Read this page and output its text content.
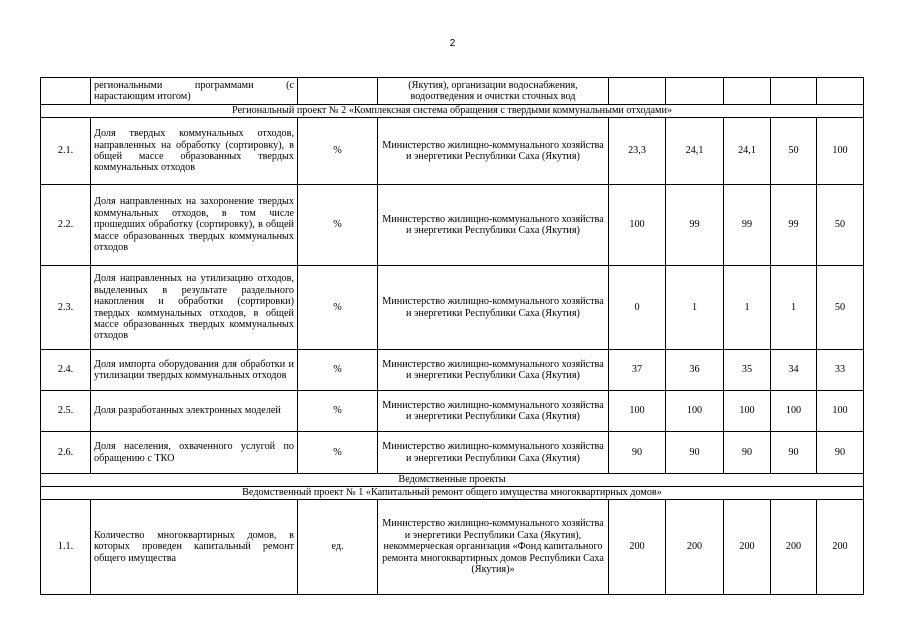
2
	региональными программами (с нарастающим итогом)		(Якутия), организации водоснабжения, водоотведения и очистки сточных вод					
Региональный проект № 2 «Комплексная система обращения с твердыми коммунальными отходами»								
2.1.	Доля твердых коммунальных отходов, направленных на обработку (сортировку), в общей массе образованных твердых коммунальных отходов	%	Министерство жилищно-коммунального хозяйства и энергетики Республики Саха (Якутия)	23,3	24,1	24,1	50	100
2.2.	Доля направленных на захоронение твердых коммунальных отходов, в том числе прошедших обработку (сортировку), в общей массе образованных твердых коммунальных отходов	%	Министерство жилищно-коммунального хозяйства и энергетики Республики Саха (Якутия)	100	99	99	99	50
2.3.	Доля направленных на утилизацию отходов, выделенных в результате раздельного накопления и обработки (сортировки) твердых коммунальных отходов, в общей массе образованных твердых коммунальных отходов	%	Министерство жилищно-коммунального хозяйства и энергетики Республики Саха (Якутия)	0	1	1	1	50
2.4.	Доля импорта оборудования для обработки и утилизации твердых коммунальных отходов	%	Министерство жилищно-коммунального хозяйства и энергетики Республики Саха (Якутия)	37	36	35	34	33
2.5.	Доля разработанных электронных моделей	%	Министерство жилищно-коммунального хозяйства и энергетики Республики Саха (Якутия)	100	100	100	100	100
2.6.	Доля населения, охваченного услугой по обращению с ТКО	%	Министерство жилищно-коммунального хозяйства и энергетики Республики Саха (Якутия)	90	90	90	90	90
Ведомственные проекты								
Ведомственный проект № 1 «Капитальный ремонт общего имущества многоквартирных домов»								
1.1.	Количество многоквартирных домов, в которых проведен капитальный ремонт общего имущества	ед.	Министерство жилищно-коммунального хозяйства и энергетики Республики Саха (Якутия), некоммерческая организация «Фонд капитального ремонта многоквартирных домов Республики Саха (Якутия)»	200	200	200	200	200
